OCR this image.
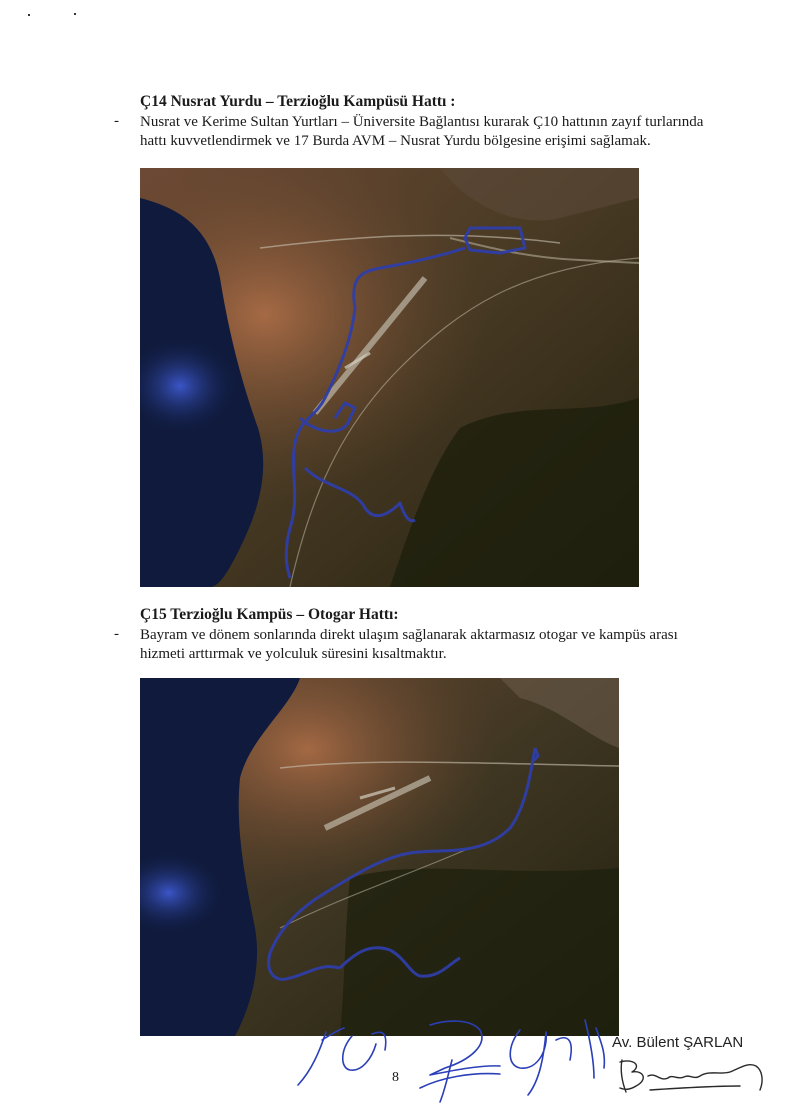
Ç14 Nusrat Yurdu – Terzioğlu Kampüsü Hattı :
- Nusrat ve Kerime Sultan Yurtları – Üniversite Bağlantısı kurarak Ç10 hattının zayıf turlarında hattı kuvvetlendirmek ve 17 Burda AVM – Nusrat Yurdu bölgesine erişimi sağlamak.
Ç15 Terzioğlu Kampüs – Otogar Hattı:
- Bayram ve dönem sonlarında direkt ulaşım sağlanarak aktarmasız otogar ve kampüs arası hizmeti arttırmak ve yolculuk süresini kısaltmaktır.
8
Av. Bülent ŞARLAN
